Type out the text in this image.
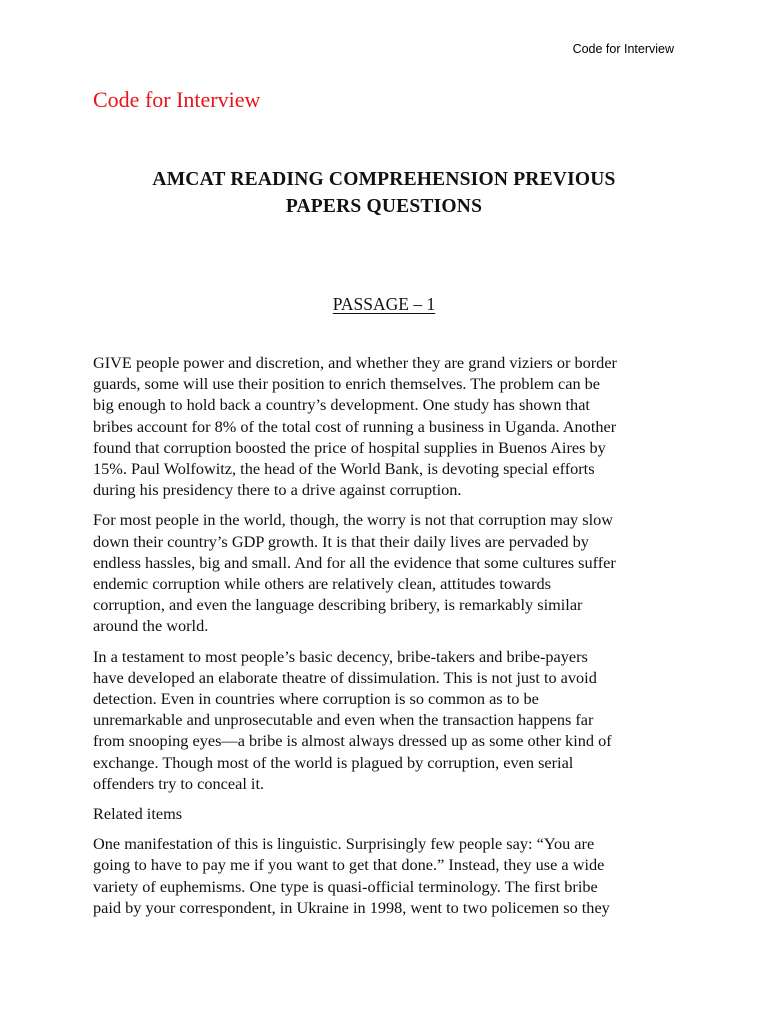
Code for Interview
Code for Interview
AMCAT READING COMPREHENSION PREVIOUS
PAPERS QUESTIONS
PASSAGE – 1

GIVE people power and discretion, and whether they are grand viziers or border
guards, some will use their position to enrich themselves. The problem can be
big enough to hold back a country’s development. One study has shown that
bribes account for 8% of the total cost of running a business in Uganda. Another
found that corruption boosted the price of hospital supplies in Buenos Aires by
15%. Paul Wolfowitz, the head of the World Bank, is devoting special efforts
during his presidency there to a drive against corruption.

For most people in the world, though, the worry is not that corruption may slow
down their country’s GDP growth. It is that their daily lives are pervaded by
endless hassles, big and small. And for all the evidence that some cultures suffer
endemic corruption while others are relatively clean, attitudes towards
corruption, and even the language describing bribery, is remarkably similar
around the world.

In a testament to most people’s basic decency, bribe-takers and bribe-payers
have developed an elaborate theatre of dissimulation. This is not just to avoid
detection. Even in countries where corruption is so common as to be
unremarkable and unprosecutable and even when the transaction happens far
from snooping eyes—a bribe is almost always dressed up as some other kind of
exchange. Though most of the world is plagued by corruption, even serial
offenders try to conceal it.

Related items

One manifestation of this is linguistic. Surprisingly few people say: “You are
going to have to pay me if you want to get that done.” Instead, they use a wide
variety of euphemisms. One type is quasi-official terminology. The first bribe
paid by your correspondent, in Ukraine in 1998, went to two policemen so they
